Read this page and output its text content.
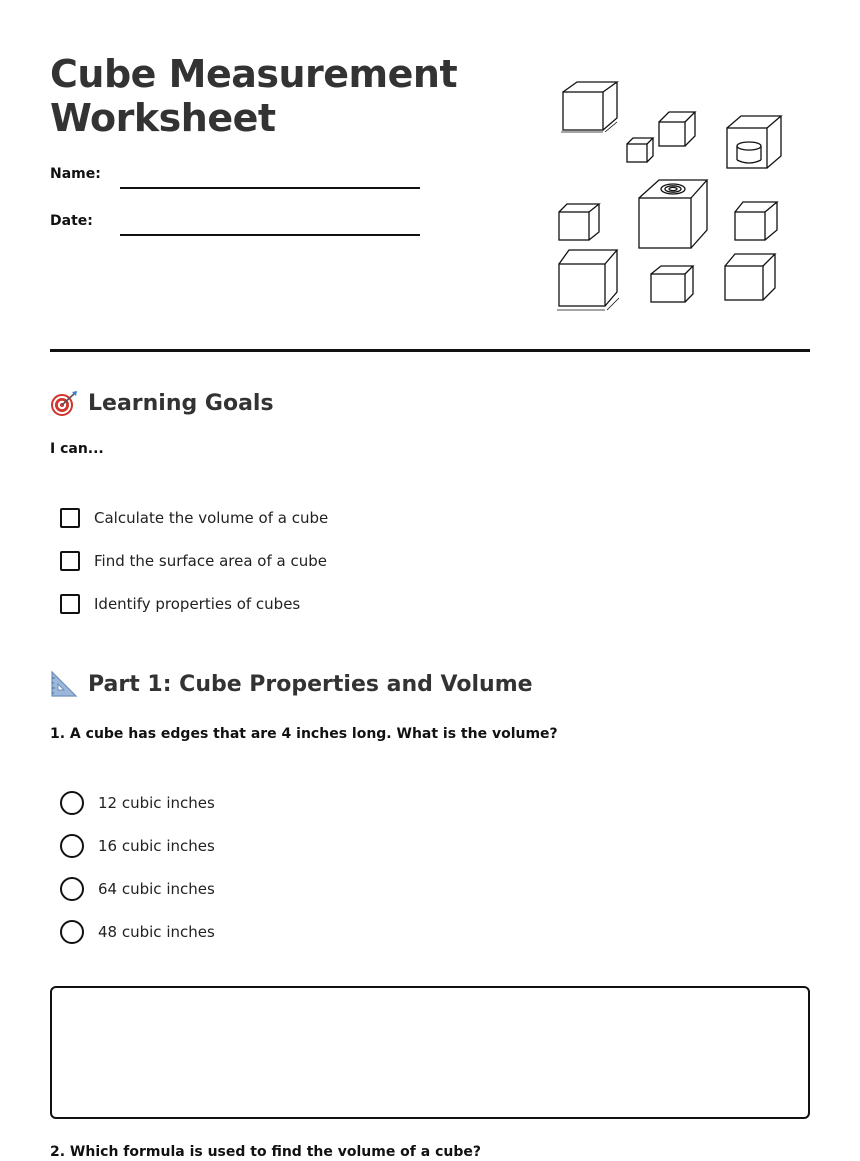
Cube Measurement
Worksheet
Name:
Date:
Learning Goals
I can...
Calculate the volume of a cube
Find the surface area of a cube
Identify properties of cubes
Part 1: Cube Properties and Volume
1. A cube has edges that are 4 inches long. What is the volume?
12 cubic inches
16 cubic inches
64 cubic inches
48 cubic inches
2. Which formula is used to find the volume of a cube?
